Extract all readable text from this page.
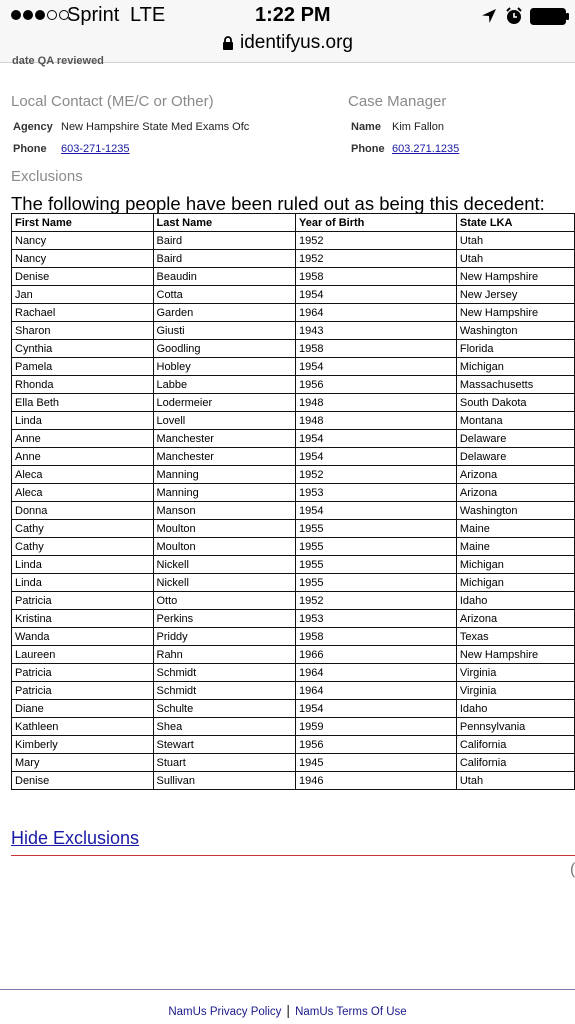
Sprint LTE	1:22 PM
identifyus.org
date QA reviewed
Local Contact (ME/C or Other)
Agency New Hampshire State Med Exams Ofc
Phone 603-271-1235
Case Manager
Name Kim Fallon
Phone 603.271.1235
Exclusions
The following people have been ruled out as being this decedent:
First Name	Last Name	Year of Birth	State LKA
Nancy	Baird	1952	Utah
Nancy	Baird	1952	Utah
Denise	Beaudin	1958	New Hampshire
Jan	Cotta	1954	New Jersey
Rachael	Garden	1964	New Hampshire
Sharon	Giusti	1943	Washington
Cynthia	Goodling	1958	Florida
Pamela	Hobley	1954	Michigan
Rhonda	Labbe	1956	Massachusetts
Ella Beth	Lodermeier	1948	South Dakota
Linda	Lovell	1948	Montana
Anne	Manchester	1954	Delaware
Anne	Manchester	1954	Delaware
Aleca	Manning	1952	Arizona
Aleca	Manning	1953	Arizona
Donna	Manson	1954	Washington
Cathy	Moulton	1955	Maine
Cathy	Moulton	1955	Maine
Linda	Nickell	1955	Michigan
Linda	Nickell	1955	Michigan
Patricia	Otto	1952	Idaho
Kristina	Perkins	1953	Arizona
Wanda	Priddy	1958	Texas
Laureen	Rahn	1966	New Hampshire
Patricia	Schmidt	1964	Virginia
Patricia	Schmidt	1964	Virginia
Diane	Schulte	1954	Idaho
Kathleen	Shea	1959	Pennsylvania
Kimberly	Stewart	1956	California
Mary	Stuart	1945	California
Denise	Sullivan	1946	Utah
Hide Exclusions
(
NamUs Privacy Policy | NamUs Terms Of Use
